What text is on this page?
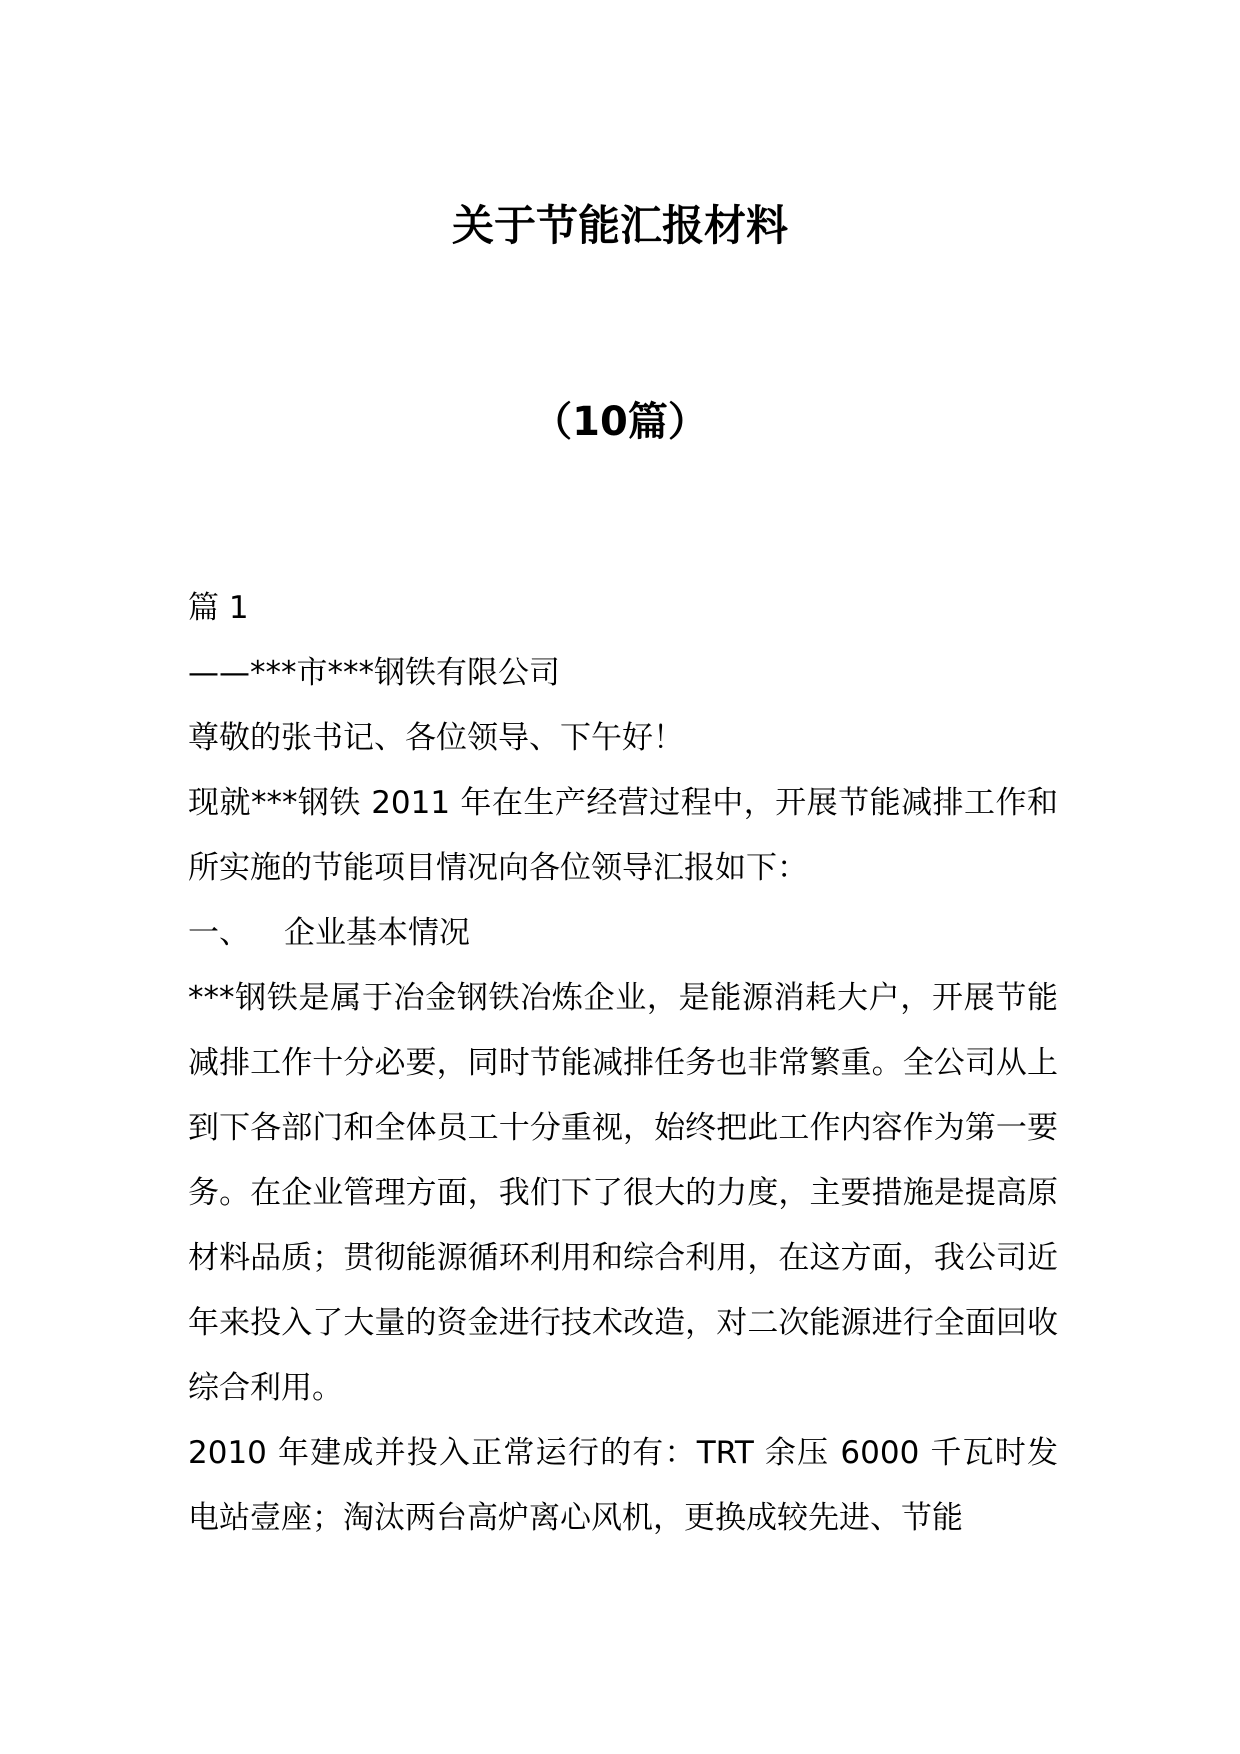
关于节能汇报材料
（10篇）

篇 1

——***市***钢铁有限公司

尊敬的张书记、各位领导、下午好！

现就***钢铁 2011 年在生产经营过程中，开展节能减排工作和所实施的节能项目情况向各位领导汇报如下：

一、 企业基本情况

***钢铁是属于冶金钢铁冶炼企业，是能源消耗大户，开展节能减排工作十分必要，同时节能减排任务也非常繁重。全公司从上到下各部门和全体员工十分重视，始终把此工作内容作为第一要务。在企业管理方面，我们下了很大的力度，主要措施是提高原材料品质；贯彻能源循环利用和综合利用，在这方面，我公司近年来投入了大量的资金进行技术改造，对二次能源进行全面回收综合利用。

2010 年建成并投入正常运行的有：TRT 余压 6000 千瓦时发电站壹座；淘汰两台高炉离心风机，更换成较先进、节能
